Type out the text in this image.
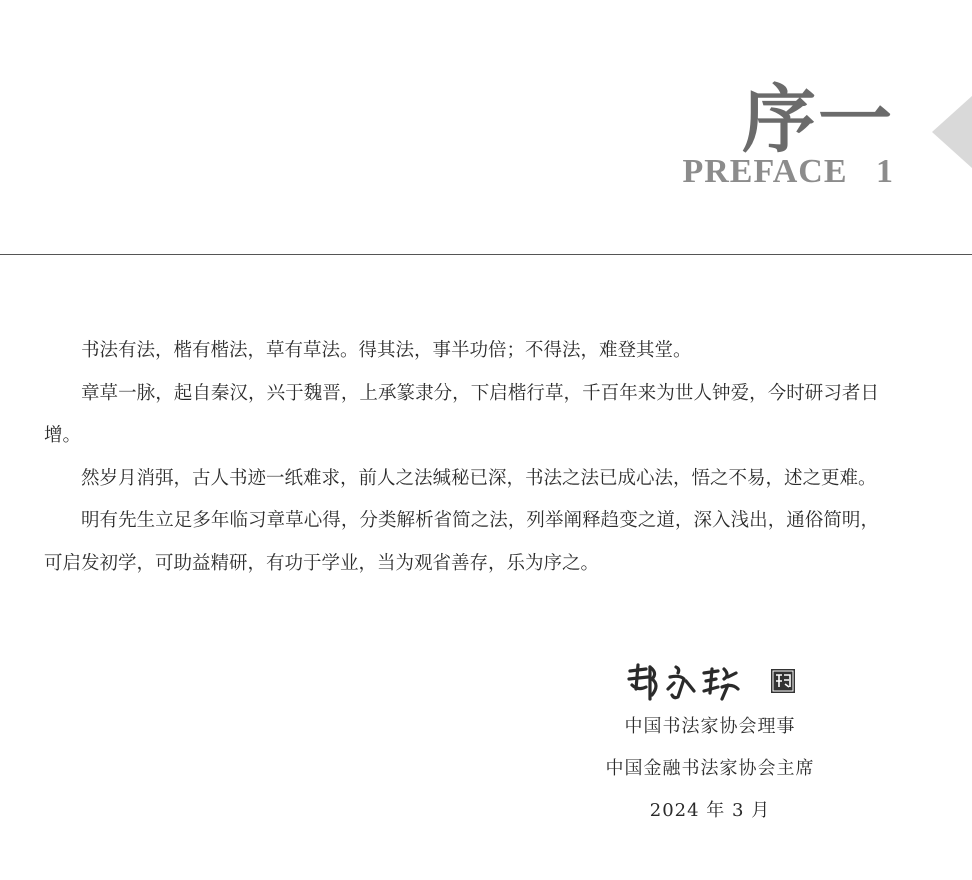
序一
PREFACE   1

书法有法，楷有楷法，草有草法。得其法，事半功倍；不得法，难登其堂。

章草一脉，起自秦汉，兴于魏晋，上承篆隶分，下启楷行草，千百年来为世人钟爱，今时研习者日增。

然岁月消弭，古人书迹一纸难求，前人之法缄秘已深，书法之法已成心法，悟之不易，述之更难。

明有先生立足多年临习章草心得，分类解析省简之法，列举阐释趋变之道，深入浅出，通俗简明，可启发初学，可助益精研，有功于学业，当为观省善存，乐为序之。

中国书法家协会理事
中国金融书法家协会主席
2024 年 3 月
